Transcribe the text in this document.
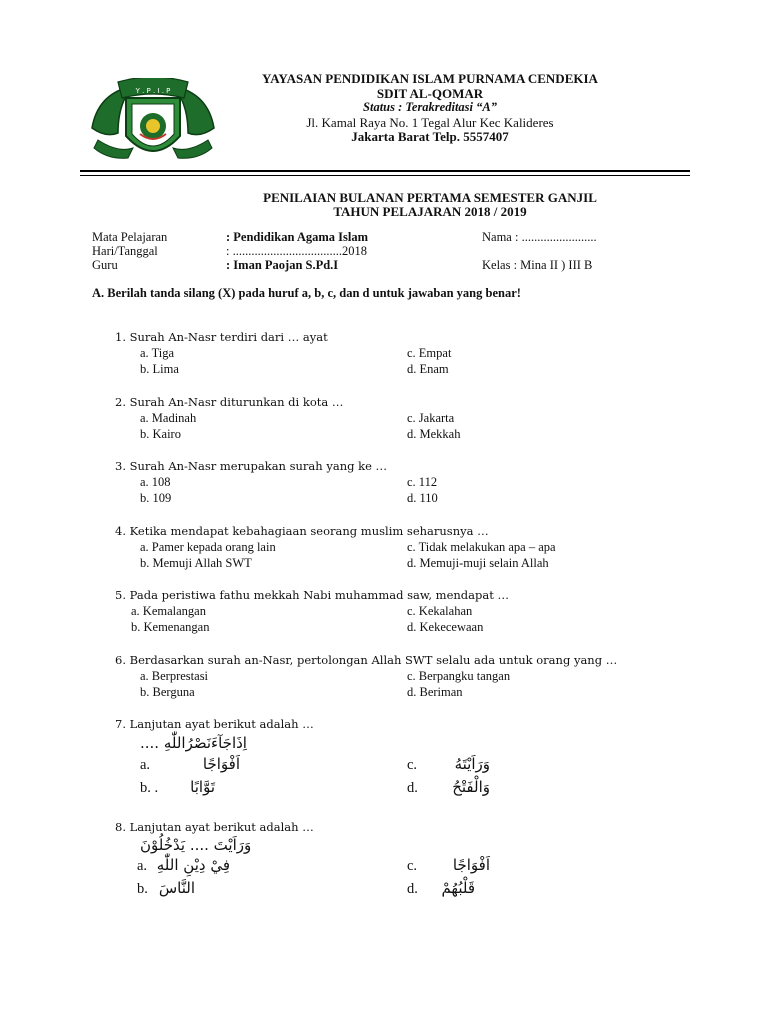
Y . P . I . P
YAYASAN PENDIDIKAN ISLAM PURNAMA CENDEKIA
SDIT AL-QOMAR
Status : Terakreditasi “A”
Jl. Kamal Raya No. 1 Tegal Alur Kec Kalideres
Jakarta Barat Telp. 5557407
PENILAIAN BULANAN PERTAMA SEMESTER GANJIL
TAHUN PELAJARAN 2018 / 2019
Mata Pelajaran	: Pendidikan Agama Islam
Hari/Tanggal	: ...................................2018
Guru	: Iman Paojan S.Pd.I
Nama : ........................
Kelas : Mina II ) III B
A. Berilah tanda silang (X) pada huruf a, b, c, dan d untuk jawaban yang benar!
1. Surah An-Nasr terdiri dari … ayat
a. Tiga
b. Lima
c. Empat
d. Enam
2. Surah An-Nasr diturunkan di kota …
a. Madinah
b. Kairo
c. Jakarta
d. Mekkah
3. Surah An-Nasr merupakan surah yang ke …
a. 108
b. 109
c. 112
d. 110
4. Ketika mendapat kebahagiaan seorang muslim seharusnya …
a. Pamer kepada orang lain
b. Memuji Allah SWT
c. Tidak melakukan apa – apa
d. Memuji-muji selain Allah
5. Pada peristiwa fathu mekkah Nabi muhammad saw, mendapat …
a. Kemalangan
b. Kemenangan
c. Kekalahan
d. Kekecewaan
6. Berdasarkan surah an-Nasr, pertolongan Allah SWT selalu ada untuk orang yang …
a. Berprestasi
b. Berguna
c. Berpangku tangan
d. Beriman
7. Lanjutan ayat berikut adalah …
اِذَاجَآءَنَصْرُاللّٰهِ ....
a.	اَفْوَاجًا
b. .	تَوَّابًا
c.	وَرَاَيْتَهُ
d.	وَالْفَتْحُ
8. Lanjutan ayat berikut adalah …
وَرَاَيْتَ .... يَدْخُلُوْنَ
a. فِيْ دِيْنِ اللّٰهِ
b. النَّاسَ
c.	اَفْوَاجًا
d.	قَلْبُهُمْ
